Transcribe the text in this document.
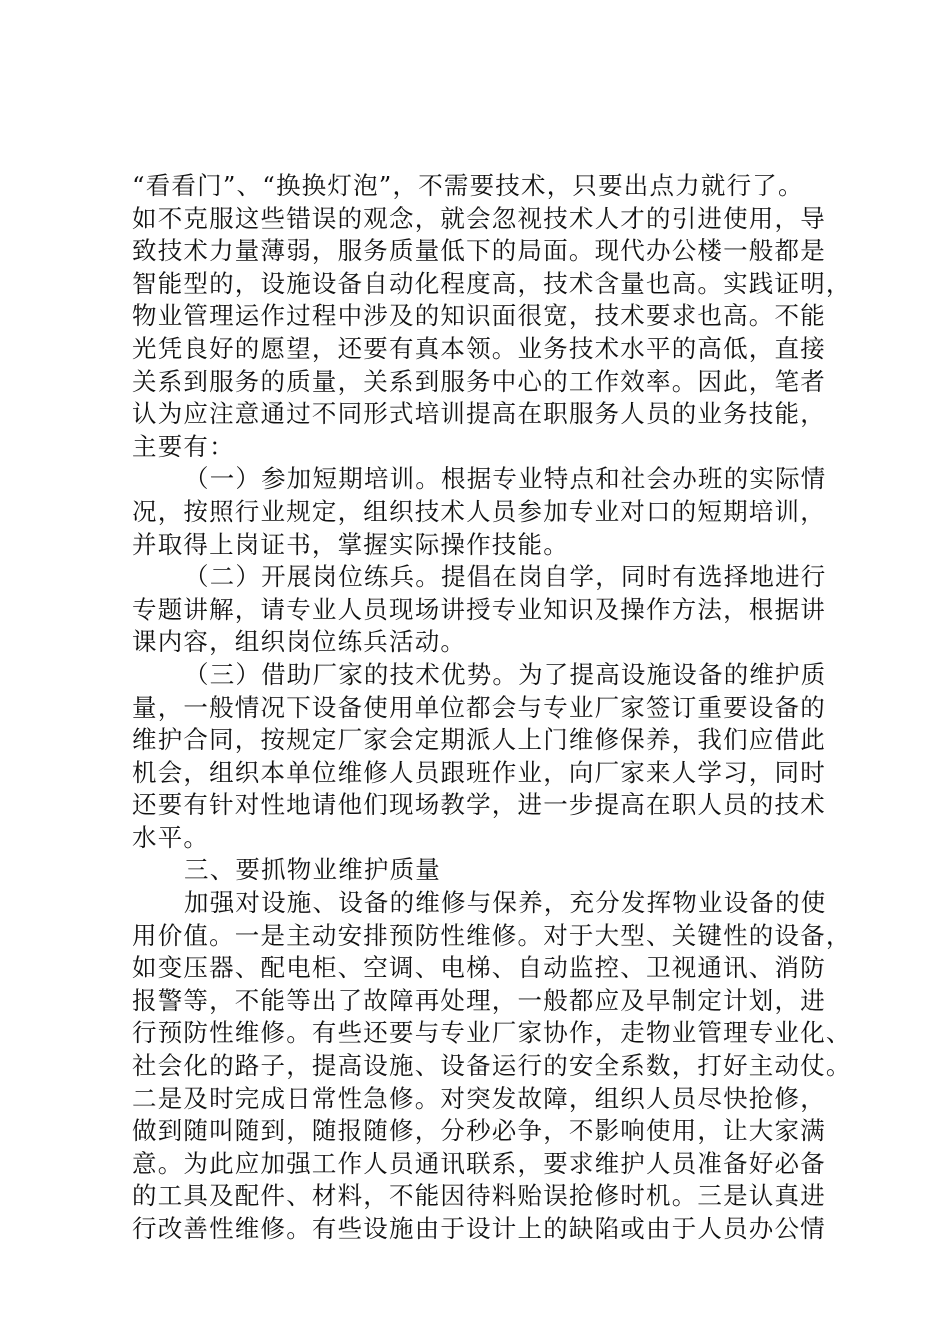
“看看门”、“换换灯泡”，不需要技术，只要出点力就行了。
如不克服这些错误的观念，就会忽视技术人才的引进使用，导
致技术力量薄弱，服务质量低下的局面。现代办公楼一般都是
智能型的，设施设备自动化程度高，技术含量也高。实践证明，
物业管理运作过程中涉及的知识面很宽，技术要求也高。不能
光凭良好的愿望，还要有真本领。业务技术水平的高低，直接
关系到服务的质量，关系到服务中心的工作效率。因此，笔者
认为应注意通过不同形式培训提高在职服务人员的业务技能，
主要有：
（一）参加短期培训。根据专业特点和社会办班的实际情
况，按照行业规定，组织技术人员参加专业对口的短期培训，
并取得上岗证书，掌握实际操作技能。
（二）开展岗位练兵。提倡在岗自学，同时有选择地进行
专题讲解，请专业人员现场讲授专业知识及操作方法，根据讲
课内容，组织岗位练兵活动。
（三）借助厂家的技术优势。为了提高设施设备的维护质
量，一般情况下设备使用单位都会与专业厂家签订重要设备的
维护合同，按规定厂家会定期派人上门维修保养，我们应借此
机会，组织本单位维修人员跟班作业，向厂家来人学习，同时
还要有针对性地请他们现场教学，进一步提高在职人员的技术
水平。
三、要抓物业维护质量
加强对设施、设备的维修与保养，充分发挥物业设备的使
用价值。一是主动安排预防性维修。对于大型、关键性的设备，
如变压器、配电柜、空调、电梯、自动监控、卫视通讯、消防
报警等，不能等出了故障再处理，一般都应及早制定计划，进
行预防性维修。有些还要与专业厂家协作，走物业管理专业化、
社会化的路子，提高设施、设备运行的安全系数，打好主动仗。
二是及时完成日常性急修。对突发故障，组织人员尽快抢修，
做到随叫随到，随报随修，分秒必争，不影响使用，让大家满
意。为此应加强工作人员通讯联系，要求维护人员准备好必备
的工具及配件、材料，不能因待料贻误抢修时机。三是认真进
行改善性维修。有些设施由于设计上的缺陷或由于人员办公情
